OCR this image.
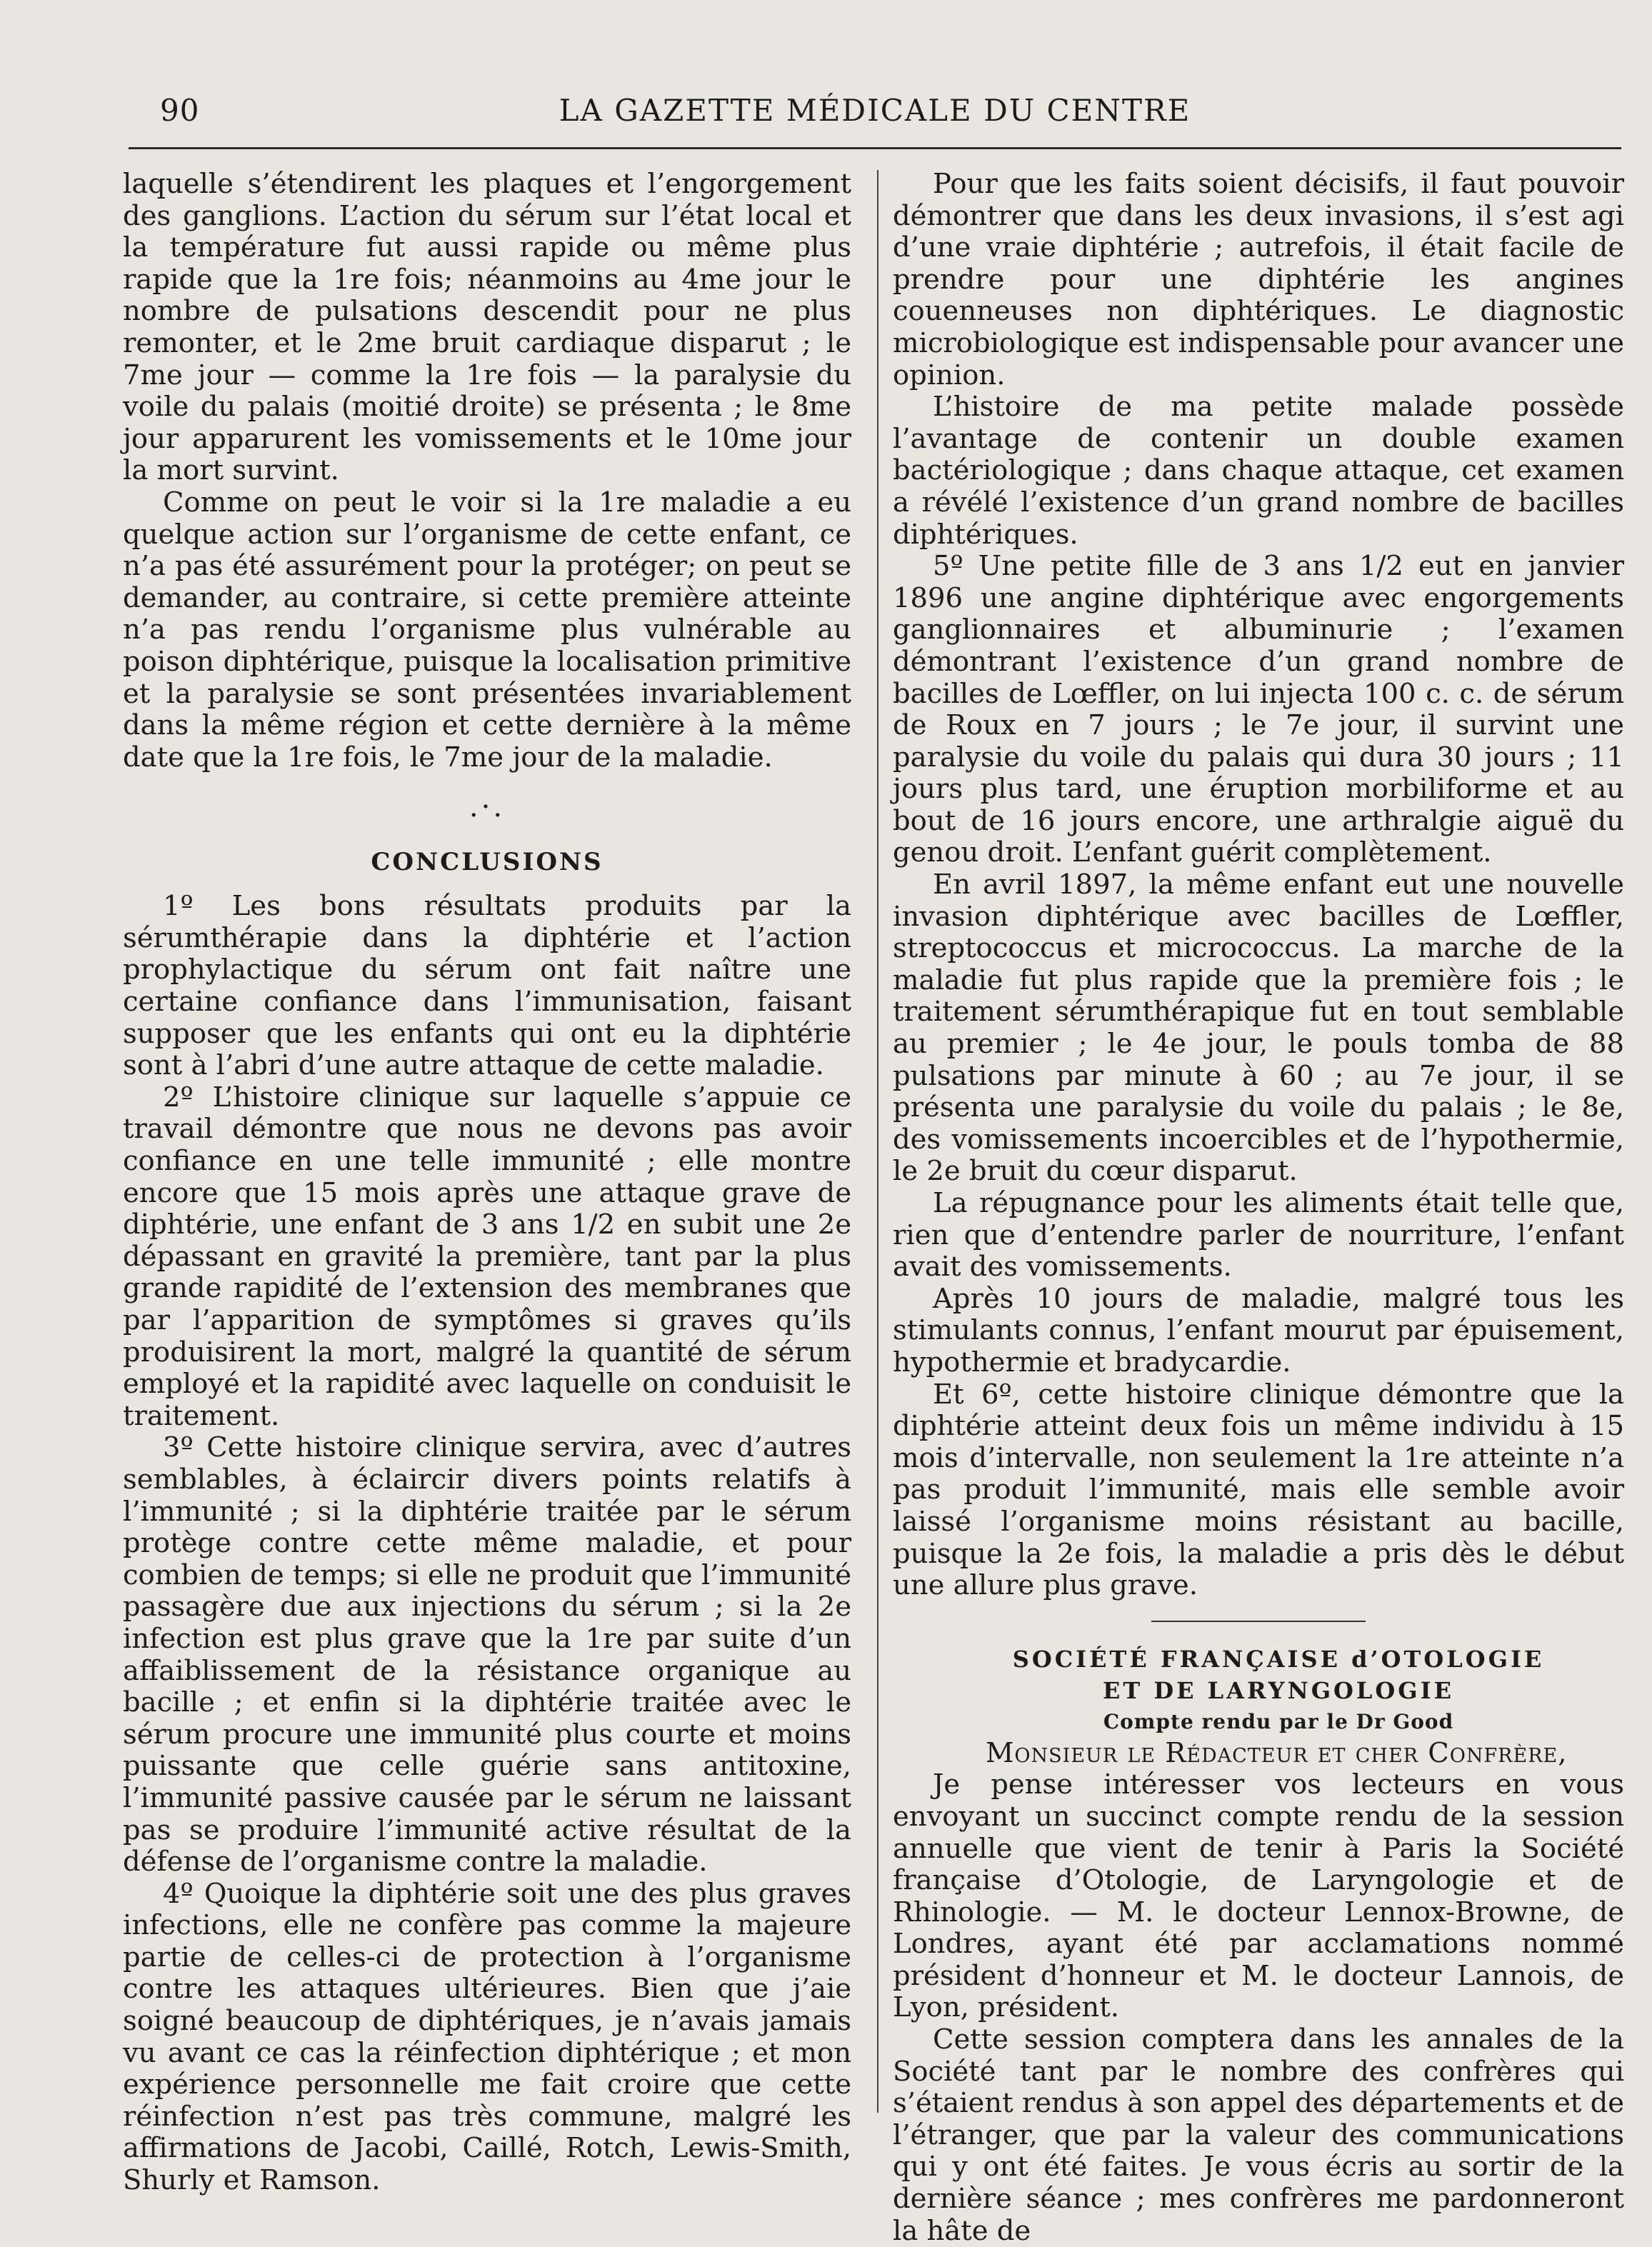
90	LA GAZETTE MÉDICALE DU CENTRE

laquelle s’étendirent les plaques et l’engorgement des ganglions. L’action du sérum sur l’état local et la température fut aussi rapide ou même plus rapide que la 1re fois; néanmoins au 4me jour le nombre de pulsations descendit pour ne plus remonter, et le 2me bruit cardiaque disparut ; le 7me jour — comme la 1re fois — la paralysie du voile du palais (moitié droite) se présenta ; le 8me jour apparurent les vomissements et le 10me jour la mort survint.

Comme on peut le voir si la 1re maladie a eu quelque action sur l’organisme de cette enfant, ce n’a pas été assurément pour la protéger; on peut se demander, au contraire, si cette première atteinte n’a pas rendu l’organisme plus vulnérable au poison diphtérique, puisque la localisation primitive et la paralysie se sont présentées invariablement dans la même région et cette dernière à la même date que la 1re fois, le 7me jour de la maladie.

.·.
CONCLUSIONS

1º Les bons résultats produits par la sérumthérapie dans la diphtérie et l’action prophylactique du sérum ont fait naître une certaine confiance dans l’immunisation, faisant supposer que les enfants qui ont eu la diphtérie sont à l’abri d’une autre attaque de cette maladie.

2º L’histoire clinique sur laquelle s’appuie ce travail démontre que nous ne devons pas avoir confiance en une telle immunité ; elle montre encore que 15 mois après une attaque grave de diphtérie, une enfant de 3 ans 1/2 en subit une 2e dépassant en gravité la première, tant par la plus grande rapidité de l’extension des membranes que par l’apparition de symptômes si graves qu’ils produisirent la mort, malgré la quantité de sérum employé et la rapidité avec laquelle on conduisit le traitement.

3º Cette histoire clinique servira, avec d’autres semblables, à éclaircir divers points relatifs à l’immunité ; si la diphtérie traitée par le sérum protège contre cette même maladie, et pour combien de temps; si elle ne produit que l’immunité passagère due aux injections du sérum ; si la 2e infection est plus grave que la 1re par suite d’un affaiblissement de la résistance organique au bacille ; et enfin si la diphtérie traitée avec le sérum procure une immunité plus courte et moins puissante que celle guérie sans antitoxine, l’immunité passive causée par le sérum ne laissant pas se produire l’immunité active résultat de la défense de l’organisme contre la maladie.

4º Quoique la diphtérie soit une des plus graves infections, elle ne confère pas comme la majeure partie de celles-ci de protection à l’organisme contre les attaques ultérieures. Bien que j’aie soigné beaucoup de diphtériques, je n’avais jamais vu avant ce cas la réinfection diphtérique ; et mon expérience personnelle me fait croire que cette réinfection n’est pas très commune, malgré les affirmations de Jacobi, Caillé, Rotch, Lewis-Smith, Shurly et Ramson.

Pour que les faits soient décisifs, il faut pouvoir démontrer que dans les deux invasions, il s’est agi d’une vraie diphtérie ; autrefois, il était facile de prendre pour une diphtérie les angines couenneuses non diphtériques. Le diagnostic microbiologique est indispensable pour avancer une opinion.

L’histoire de ma petite malade possède l’avantage de contenir un double examen bactériologique ; dans chaque attaque, cet examen a révélé l’existence d’un grand nombre de bacilles diphtériques.

5º Une petite fille de 3 ans 1/2 eut en janvier 1896 une angine diphtérique avec engorgements ganglionnaires et albuminurie ; l’examen démontrant l’existence d’un grand nombre de bacilles de Lœffler, on lui injecta 100 c. c. de sérum de Roux en 7 jours ; le 7e jour, il survint une paralysie du voile du palais qui dura 30 jours ; 11 jours plus tard, une éruption morbiliforme et au bout de 16 jours encore, une arthralgie aiguë du genou droit. L’enfant guérit complètement.

En avril 1897, la même enfant eut une nouvelle invasion diphtérique avec bacilles de Lœffler, streptococcus et micrococcus. La marche de la maladie fut plus rapide que la première fois ; le traitement sérumthérapique fut en tout semblable au premier ; le 4e jour, le pouls tomba de 88 pulsations par minute à 60 ; au 7e jour, il se présenta une paralysie du voile du palais ; le 8e, des vomissements incoercibles et de l’hypothermie, le 2e bruit du cœur disparut.

La répugnance pour les aliments était telle que, rien que d’entendre parler de nourriture, l’enfant avait des vomissements.

Après 10 jours de maladie, malgré tous les stimulants connus, l’enfant mourut par épuisement, hypothermie et bradycardie.

Et 6º, cette histoire clinique démontre que la diphtérie atteint deux fois un même individu à 15 mois d’intervalle, non seulement la 1re atteinte n’a pas produit l’immunité, mais elle semble avoir laissé l’organisme moins résistant au bacille, puisque la 2e fois, la maladie a pris dès le début une allure plus grave.

SOCIÉTÉ FRANÇAISE d’OTOLOGIE

ET DE LARYNGOLOGIE

Compte rendu par le Dr Good

Monsieur le Rédacteur et cher Confrère,

Je pense intéresser vos lecteurs en vous envoyant un succinct compte rendu de la session annuelle que vient de tenir à Paris la Société française d’Otologie, de Laryngologie et de Rhinologie. — M. le docteur Lennox-Browne, de Londres, ayant été par acclamations nommé président d’honneur et M. le docteur Lannois, de Lyon, président.

Cette session comptera dans les annales de la Société tant par le nombre des confrères qui s’étaient rendus à son appel des départements et de l’étranger, que par la valeur des communications qui y ont été faites. Je vous écris au sortir de la dernière séance ; mes confrères me pardonneront la hâte de
